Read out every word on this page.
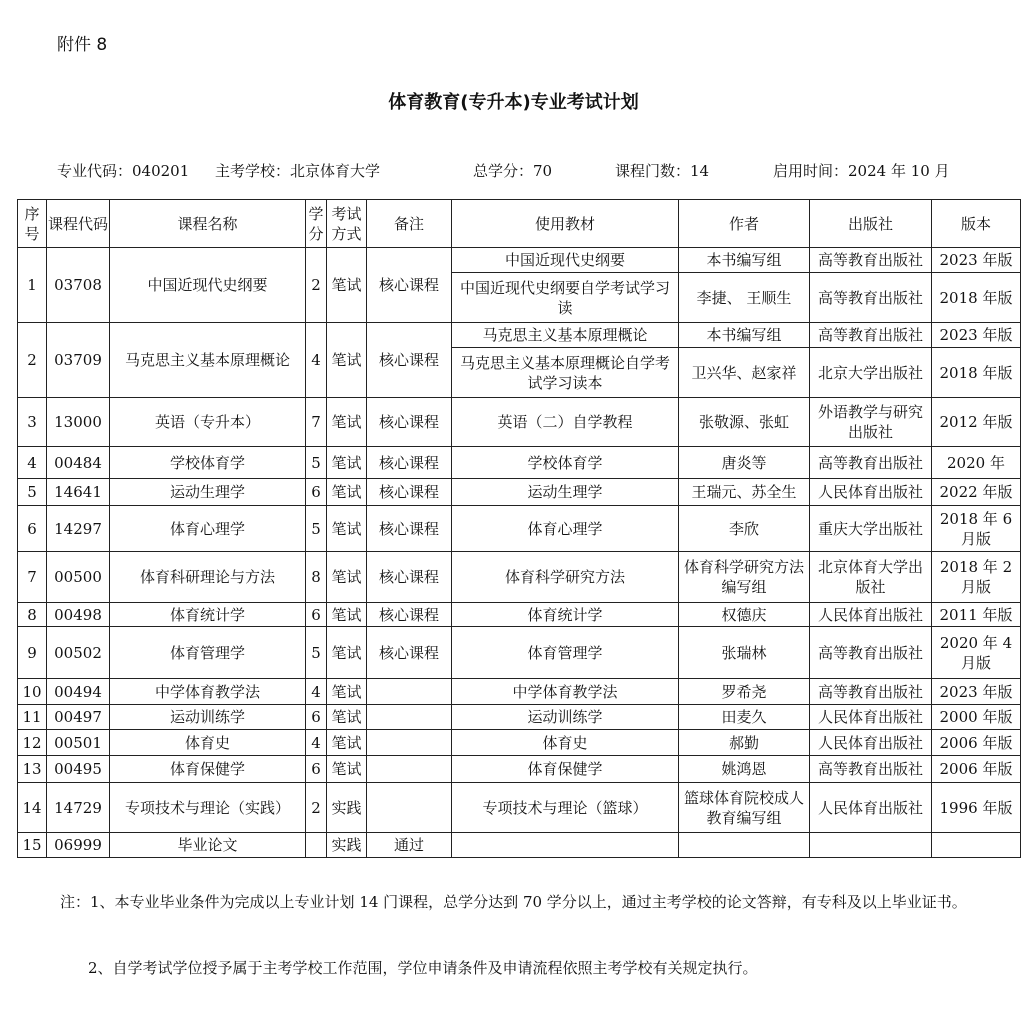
附件 8
体育教育(专升本)专业考试计划
专业代码：040201 主考学校：北京体育大学	总学分：70	课程门数：14	启用时间：2024 年 10 月
序号	课程代码	课程名称	学分	考试方式	备注	使用教材	作者	出版社	版本
1	03708	中国近现代史纲要	2	笔试	核心课程	中国近现代史纲要	本书编写组	高等教育出版社	2023 年版
						中国近现代史纲要自学考试学习读	李捷、 王顺生	高等教育出版社	2018 年版
2	03709	马克思主义基本原理概论	4	笔试	核心课程	马克思主义基本原理概论	本书编写组	高等教育出版社	2023 年版
						马克思主义基本原理概论自学考试学习读本	卫兴华、赵家祥	北京大学出版社	2018 年版
3	13000	英语（专升本）	7	笔试	核心课程	英语（二）自学教程	张敬源、张虹	外语教学与研究出版社	2012 年版
4	00484	学校体育学	5	笔试	核心课程	学校体育学	唐炎等	高等教育出版社	2020 年
5	14641	运动生理学	6	笔试	核心课程	运动生理学	王瑞元、苏全生	人民体育出版社	2022 年版
6	14297	体育心理学	5	笔试	核心课程	体育心理学	李欣	重庆大学出版社	2018 年 6 月版
7	00500	体育科研理论与方法	8	笔试	核心课程	体育科学研究方法	体育科学研究方法编写组	北京体育大学出版社	2018 年 2 月版
8	00498	体育统计学	6	笔试	核心课程	体育统计学	权德庆	人民体育出版社	2011 年版
9	00502	体育管理学	5	笔试	核心课程	体育管理学	张瑞林	高等教育出版社	2020 年 4 月版
10	00494	中学体育教学法	4	笔试		中学体育教学法	罗希尧	高等教育出版社	2023 年版
11	00497	运动训练学	6	笔试		运动训练学	田麦久	人民体育出版社	2000 年版
12	00501	体育史	4	笔试		体育史	郝勤	人民体育出版社	2006 年版
13	00495	体育保健学	6	笔试		体育保健学	姚鸿恩	高等教育出版社	2006 年版
14	14729	专项技术与理论（实践）	2	实践		专项技术与理论（篮球）	篮球体育院校成人教育编写组	人民体育出版社	1996 年版
15	06999	毕业论文		实践	通过				
注：1、本专业毕业条件为完成以上专业计划 14 门课程，总学分达到 70 学分以上，通过主考学校的论文答辩，有专科及以上毕业证书。
2、自学考试学位授予属于主考学校工作范围，学位申请条件及申请流程依照主考学校有关规定执行。
